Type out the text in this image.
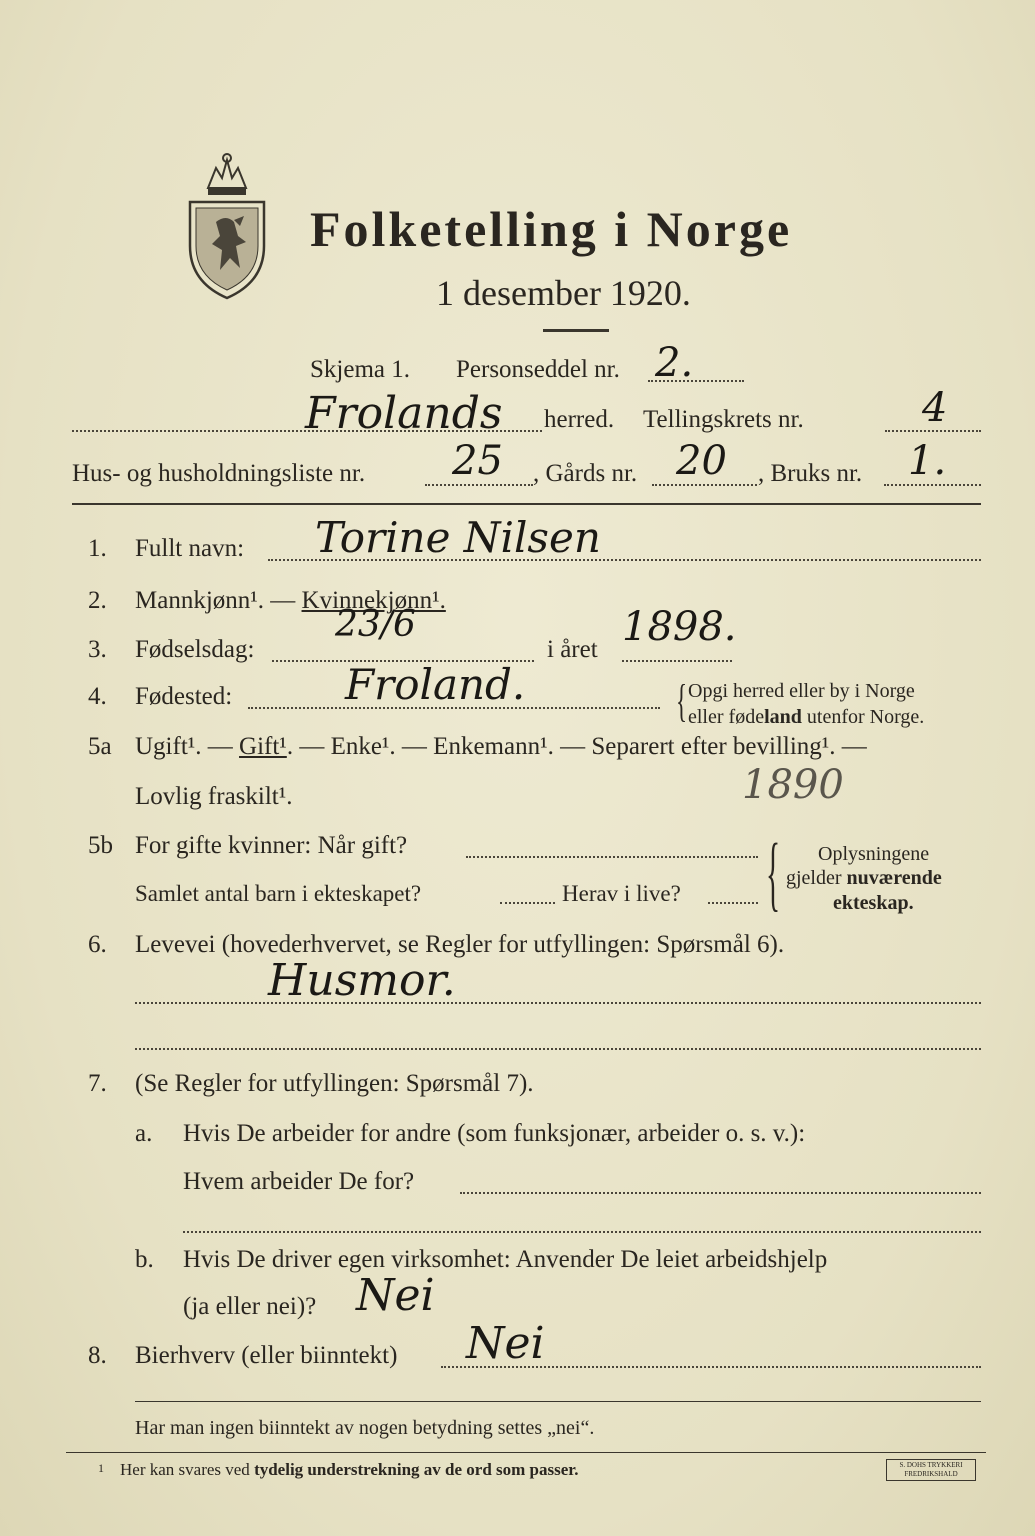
Folketelling i Norge
1 desember 1920.
Skjema 1. Personseddel nr. 2.
Frolands herred. Tellingskrets nr.	4
Hus- og husholdningsliste nr. 25 , Gårds nr. 20 , Bruks nr. 1.
1. Fullt navn: Torine Nilsen
2. Mannkjønn¹. — Kvinnekjønn¹.
3. Fødselsdag:
23/6
i året 1898.
4. Fødested:	Froland.	{ Opgi herred eller by i Norge
eller fødeland utenfor Norge.
5a Ugift¹. — Gift¹. — Enke¹. — Enkemann¹. — Separert efter bevilling¹. —
Lovlig fraskilt¹.	1890
5b For gifte kvinner: Når gift?
Samlet antal barn i ekteskapet?	Herav i live? { Oplysningene
gjelder nuværende
ekteskap.
6. Levevei (hovederhvervet, se Regler for utfyllingen: Spørsmål 6).
Husmor.
7. (Se Regler for utfyllingen: Spørsmål 7).
a. Hvis De arbeider for andre (som funksjonær, arbeider o. s. v.):
Hvem arbeider De for?
b. Hvis De driver egen virksomhet: Anvender De leiet arbeidshjelp
(ja eller nei)? Nei
8. Bierhverv (eller biinntekt) Nei
Har man ingen biinntekt av nogen betydning settes „nei“.
1 Her kan svares ved tydelig understrekning av de ord som passer.	S. DOHS TRYKKERI
FREDRIKSHALD
